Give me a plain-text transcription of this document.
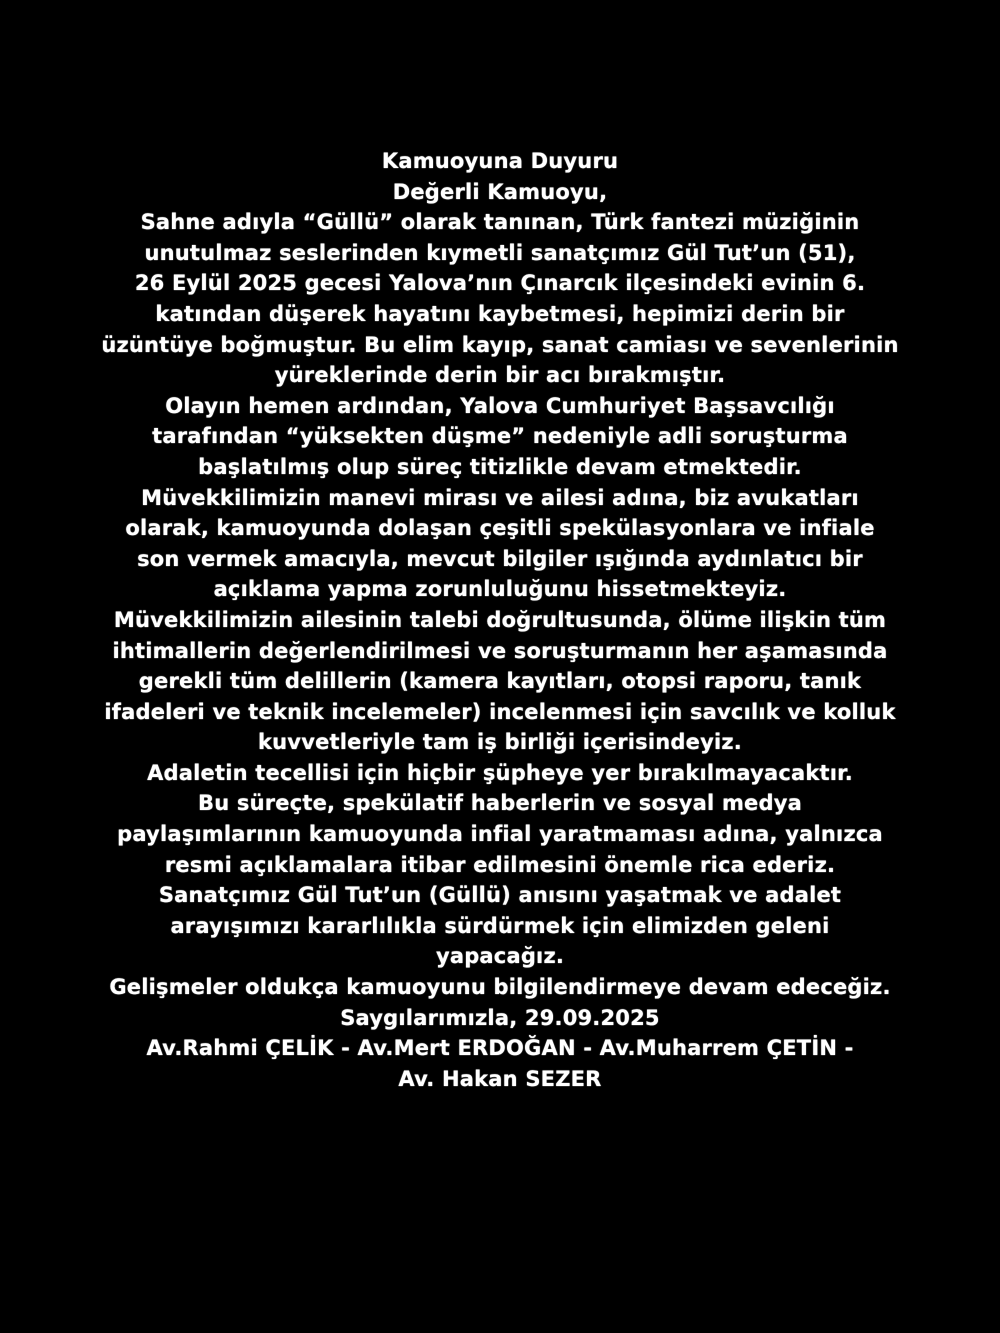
Kamuoyuna Duyuru
Değerli Kamuoyu,
Sahne adıyla “Güllü” olarak tanınan, Türk fantezi müziğinin
unutulmaz seslerinden kıymetli sanatçımız Gül Tut’un (51),
26 Eylül 2025 gecesi Yalova’nın Çınarcık ilçesindeki evinin 6.
katından düşerek hayatını kaybetmesi, hepimizi derin bir
üzüntüye boğmuştur. Bu elim kayıp, sanat camiası ve sevenlerinin
yüreklerinde derin bir acı bırakmıştır.
Olayın hemen ardından, Yalova Cumhuriyet Başsavcılığı
tarafından “yüksekten düşme” nedeniyle adli soruşturma
başlatılmış olup süreç titizlikle devam etmektedir.
Müvekkilimizin manevi mirası ve ailesi adına, biz avukatları
olarak, kamuoyunda dolaşan çeşitli spekülasyonlara ve infiale
son vermek amacıyla, mevcut bilgiler ışığında aydınlatıcı bir
açıklama yapma zorunluluğunu hissetmekteyiz.
Müvekkilimizin ailesinin talebi doğrultusunda, ölüme ilişkin tüm
ihtimallerin değerlendirilmesi ve soruşturmanın her aşamasında
gerekli tüm delillerin (kamera kayıtları, otopsi raporu, tanık
ifadeleri ve teknik incelemeler) incelenmesi için savcılık ve kolluk
kuvvetleriyle tam iş birliği içerisindeyiz.
Adaletin tecellisi için hiçbir şüpheye yer bırakılmayacaktır.
Bu süreçte, spekülatif haberlerin ve sosyal medya
paylaşımlarının kamuoyunda infial yaratmaması adına, yalnızca
resmi açıklamalara itibar edilmesini önemle rica ederiz.
Sanatçımız Gül Tut’un (Güllü) anısını yaşatmak ve adalet
arayışımızı kararlılıkla sürdürmek için elimizden geleni
yapacağız.
Gelişmeler oldukça kamuoyunu bilgilendirmeye devam edeceğiz.
Saygılarımızla, 29.09.2025
Av.Rahmi ÇELİK - Av.Mert ERDOĞAN - Av.Muharrem ÇETİN -
Av. Hakan SEZER
